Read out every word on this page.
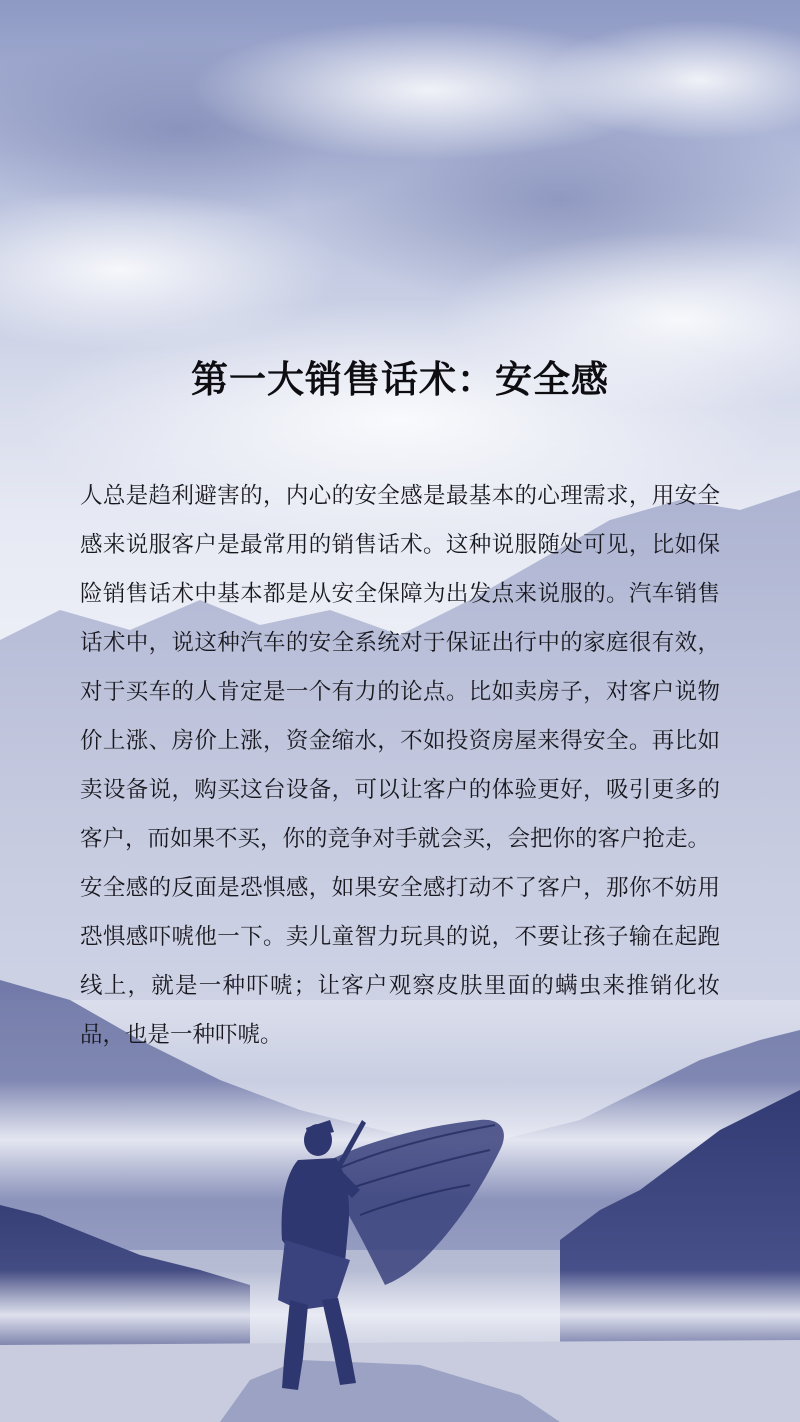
第一大销售话术：安全感

人总是趋利避害的，内心的安全感是最基本的心理需求，用安全感来说服客户是最常用的销售话术。这种说服随处可见，比如保险销售话术中基本都是从安全保障为出发点来说服的。汽车销售话术中，说这种汽车的安全系统对于保证出行中的家庭很有效，对于买车的人肯定是一个有力的论点。比如卖房子，对客户说物价上涨、房价上涨，资金缩水，不如投资房屋来得安全。再比如卖设备说，购买这台设备，可以让客户的体验更好，吸引更多的客户，而如果不买，你的竞争对手就会买，会把你的客户抢走。

安全感的反面是恐惧感，如果安全感打动不了客户，那你不妨用恐惧感吓唬他一下。卖儿童智力玩具的说，不要让孩子输在起跑线上，就是一种吓唬；让客户观察皮肤里面的螨虫来推销化妆品，也是一种吓唬。
